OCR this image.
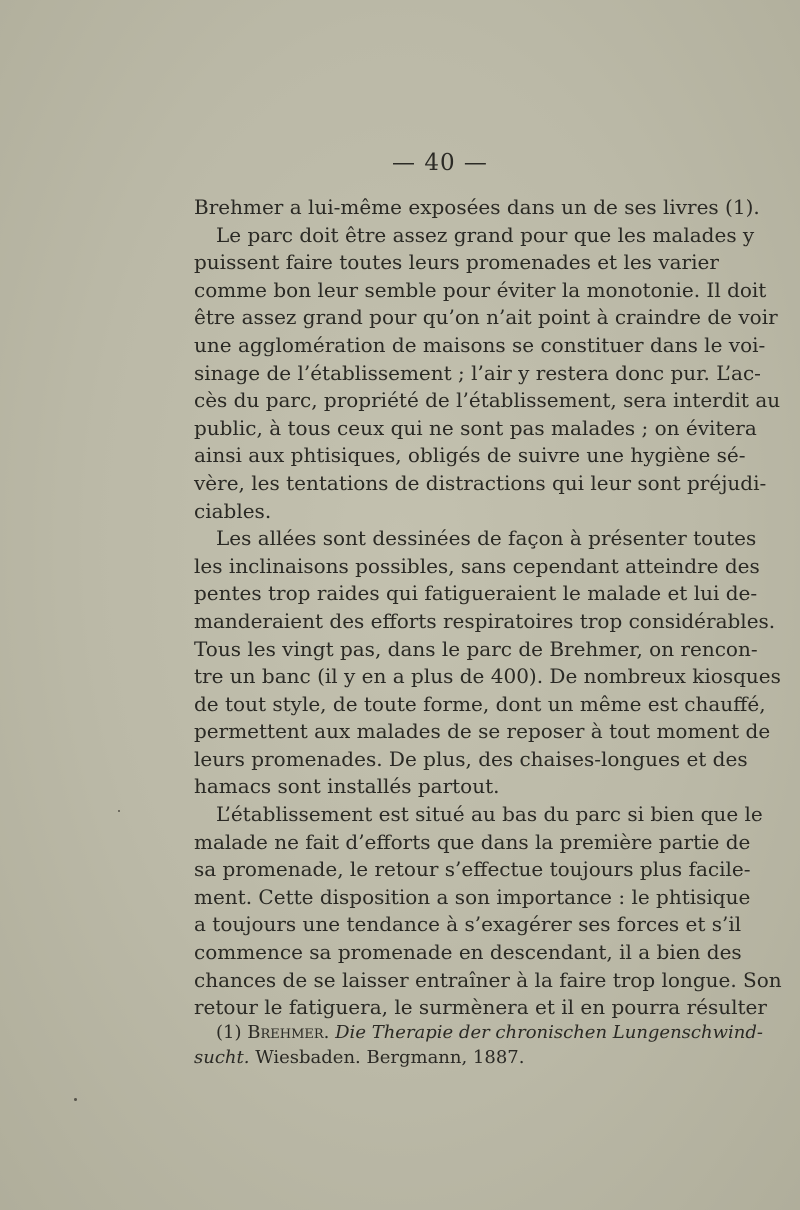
— 40 —
Brehmer a lui-même exposées dans un de ses livres (1).
Le parc doit être assez grand pour que les malades y
puissent faire toutes leurs promenades et les varier
comme bon leur semble pour éviter la monotonie. Il doit
être assez grand pour qu’on n’ait point à craindre de voir
une agglomération de maisons se constituer dans le voi-
sinage de l’établissement ; l’air y restera donc pur. L’ac-
cès du parc, propriété de l’établissement, sera interdit au
public, à tous ceux qui ne sont pas malades ; on évitera
ainsi aux phtisiques, obligés de suivre une hygiène sé-
vère, les tentations de distractions qui leur sont préjudi-
ciables.
Les allées sont dessinées de façon à présenter toutes
les inclinaisons possibles, sans cependant atteindre des
pentes trop raides qui fatigueraient le malade et lui de-
manderaient des efforts respiratoires trop considérables.
Tous les vingt pas, dans le parc de Brehmer, on rencon-
tre un banc (il y en a plus de 400). De nombreux kiosques
de tout style, de toute forme, dont un même est chauffé,
permettent aux malades de se reposer à tout moment de
leurs promenades. De plus, des chaises-longues et des
hamacs sont installés partout.
L’établissement est situé au bas du parc si bien que le
malade ne fait d’efforts que dans la première partie de
sa promenade, le retour s’effectue toujours plus facile-
ment. Cette disposition a son importance : le phtisique
a toujours une tendance à s’exagérer ses forces et s’il
commence sa promenade en descendant, il a bien des
chances de se laisser entraîner à la faire trop longue. Son
retour le fatiguera, le surmènera et il en pourra résulter
(1) Brehmer. Die Therapie der chronischen Lungenschwind-
sucht. Wiesbaden. Bergmann, 1887.
